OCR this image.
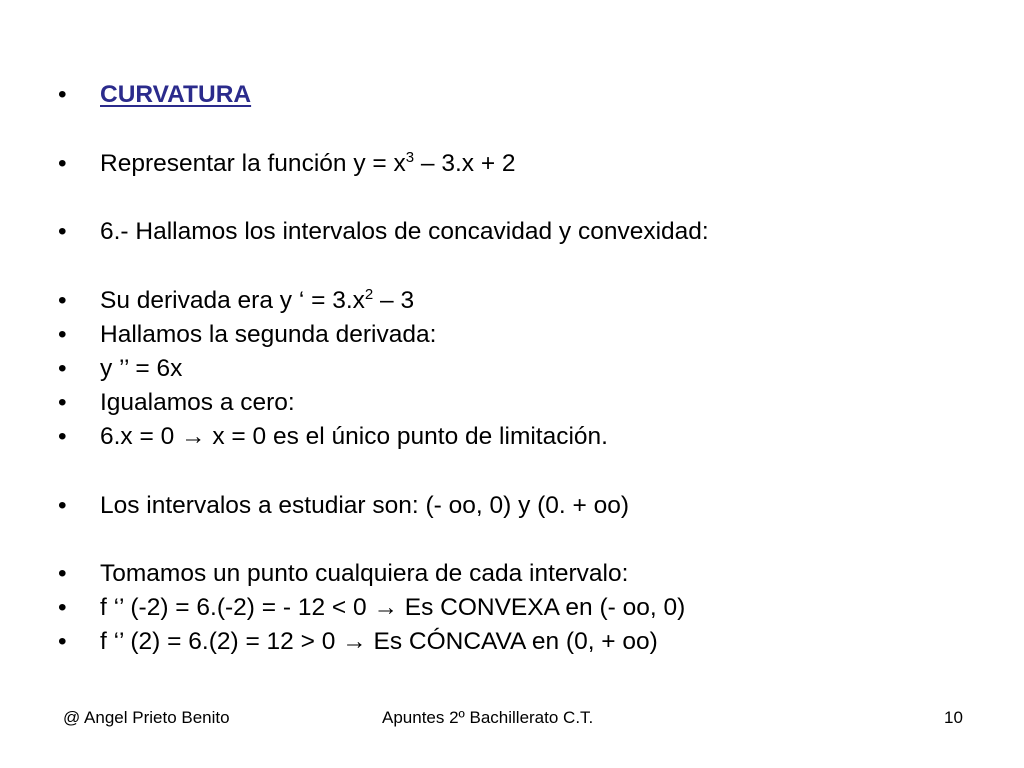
•	CURVATURA
•	Representar la función $y = x^3 - 3.x + 2$
•	6.- Hallamos los intervalos de concavidad y convexidad:
•	Su derivada era y ‘ = $3.x^2 - 3$
•	Hallamos la segunda derivada:
•	y ’’ = 6x
•	Igualamos a cero:
•	6.x = 0 → x = 0 es el único punto de limitación.
•	Los intervalos a estudiar son: (- oo, 0) y (0. + oo)
•	Tomamos un punto cualquiera de cada intervalo:
•	f ‘’ (-2) = 6.(-2) = - 12 < 0 → Es CONVEXA en (- oo, 0)
•	f ‘’ (2) = 6.(2) = 12 > 0 → Es CÓNCAVA en (0, + oo)
@ Angel Prieto Benito	Apuntes 2º Bachillerato C.T.	10
